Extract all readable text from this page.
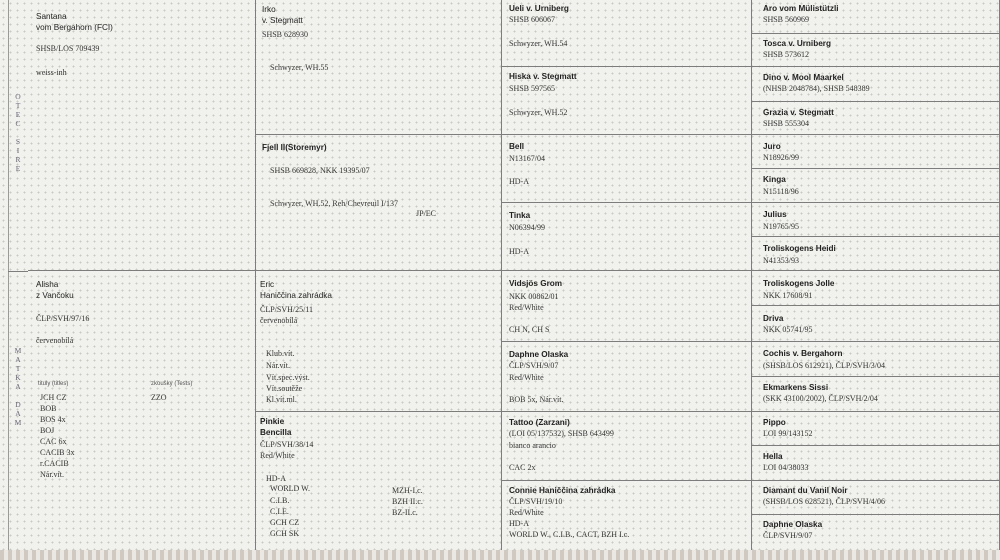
O
T
E
C

S
I
R
E
M
A
T
K
A

D
A
M
Santana
vom Bergahorn (FCI)
SHSB/LOS 709439
weiss-inh
Alisha
z Vančoku
ČLP/SVH/97/16
červenobílá
tituly (titles)	zkoušky (Tests)
ZZO
JCH CZ
BOB
BOS 4x
BOJ
CAC 6x
CACIB 3x
r.CACIB
Nár.vít.
Irko
v. Stegmatt
SHSB 628930
Schwyzer, WH.55
Fjell II(Storemyr)
SHSB 669828, NKK 19395/07
Schwyzer, WH.52, Reh/Chevreuil I/137
JP/EC
Eric
Haniččina zahrádka
ČLP/SVH/25/11
červenobílá
Klub.vít.
Nár.vít.
Vít.spec.výst.
Vít.soutěže
Kl.vít.ml.
Pinkie
Bencilla
ČLP/SVH/38/14
Red/White
HD-A
WORLD W.
C.I.B.
C.I.E.
GCH CZ
GCH SK
MZH-I.c.
BZH II.c.
BZ-II.c.
Ueli v. Urniberg
SHSB 606067
Schwyzer, WH.54
Hiska v. Stegmatt
SHSB 597565
Schwyzer, WH.52
Bell
N13167/04
HD-A
Tinka
N06394/99
HD-A
Vidsjös Grom
NKK 00862/01
Red/White
CH N, CH S
Daphne Olaska
ČLP/SVH/9/07
Red/White
BOB 5x, Nár.vít.
Tattoo (Zarzani)
(LOI 05/137532), SHSB 643499
bianco arancio
CAC 2x
Connie Haniččina zahrádka
ČLP/SVH/19/10
Red/White
HD-A
WORLD W., C.I.B., CACT, BZH I.c.
Aro vom Mülistützli
SHSB 560969
Tosca v. Urniberg
SHSB 573612
Dino v. Mool Maarkel
(NHSB 2048784), SHSB 548389
Grazia v. Stegmatt
SHSB 555304
Juro
N18926/99
Kinga
N15118/96
Julius
N19765/95
Troliskogens Heidi
N41353/93
Troliskogens Jolle
NKK 17608/91
Driva
NKK 05741/95
Cochis v. Bergahorn
(SHSB/LOS 612921), ČLP/SVH/3/04
Ekmarkens Sissi
(SKK 43100/2002), ČLP/SVH/2/04
Pippo
LOI 99/143152
Hella
LOI 04/38033
Diamant du Vanil Noir
(SHSB/LOS 628521), ČLP/SVH/4/06
Daphne Olaska
ČLP/SVH/9/07
